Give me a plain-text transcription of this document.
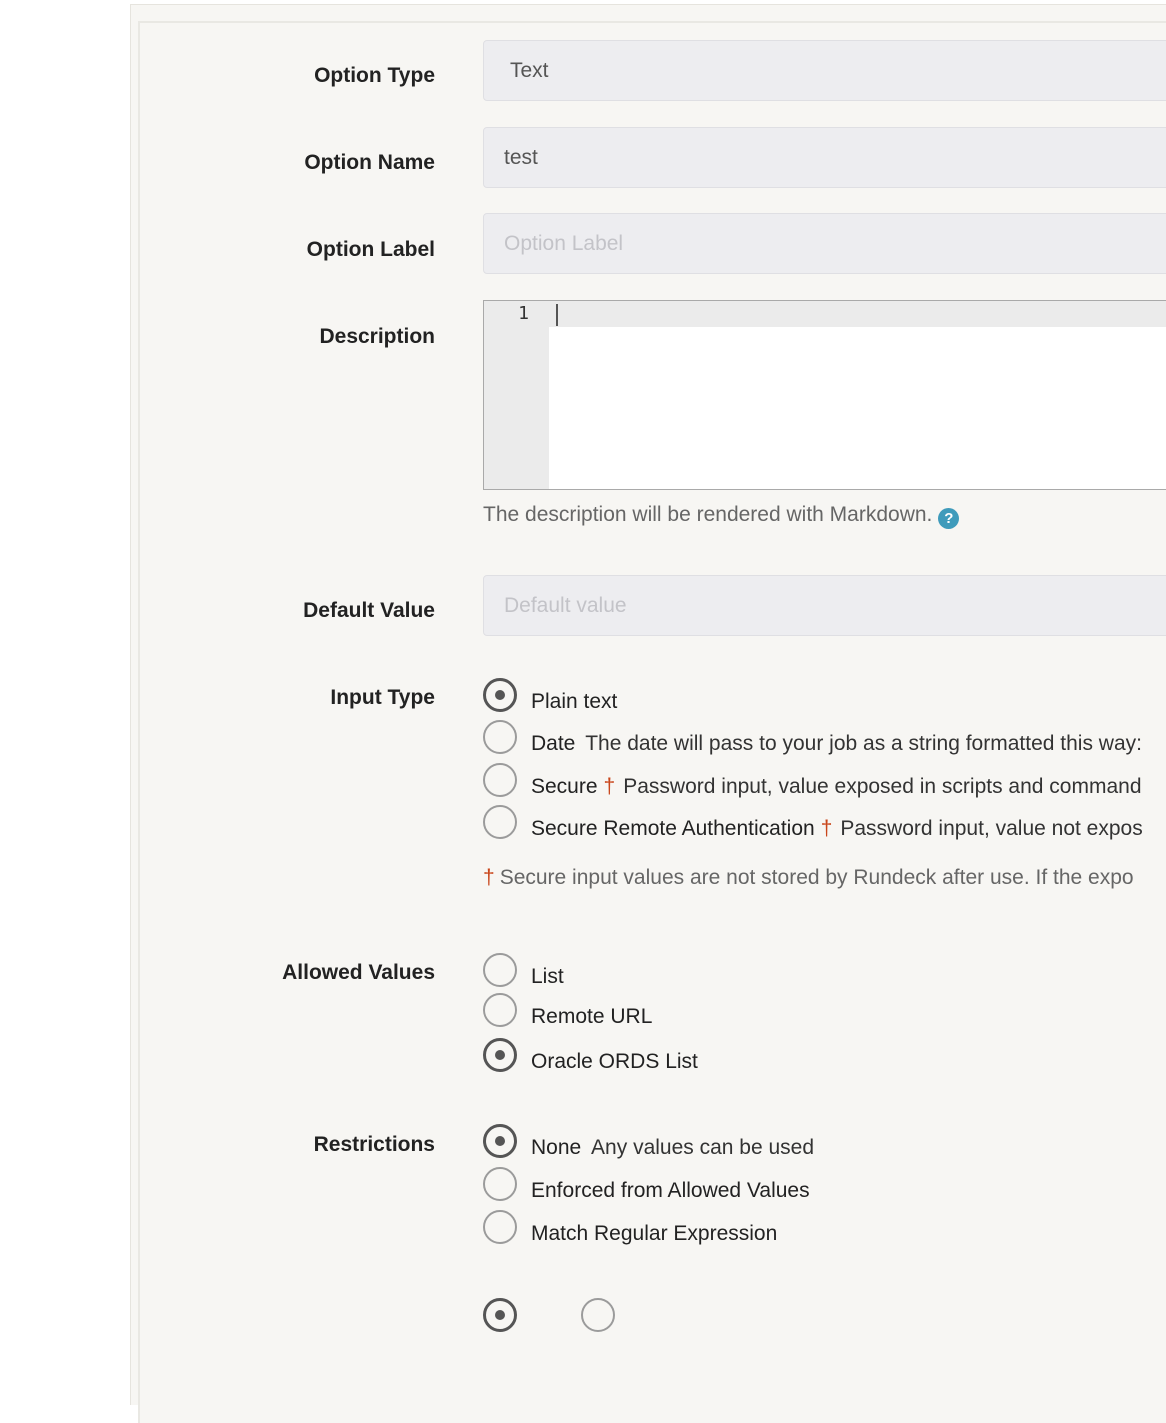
Option Type	Text
Option Name	test
Option Label	Option Label
Description
1
The description will be rendered with Markdown. ?
Default Value	Default value
Input Type	Plain text
Date The date will pass to your job as a string formatted this way:
Secure † Password input, value exposed in scripts and command
Secure Remote Authentication † Password input, value not expos
† Secure input values are not stored by Rundeck after use. If the expo
Allowed Values	List
Remote URL
Oracle ORDS List
Restrictions	None Any values can be used
Enforced from Allowed Values
Match Regular Expression
